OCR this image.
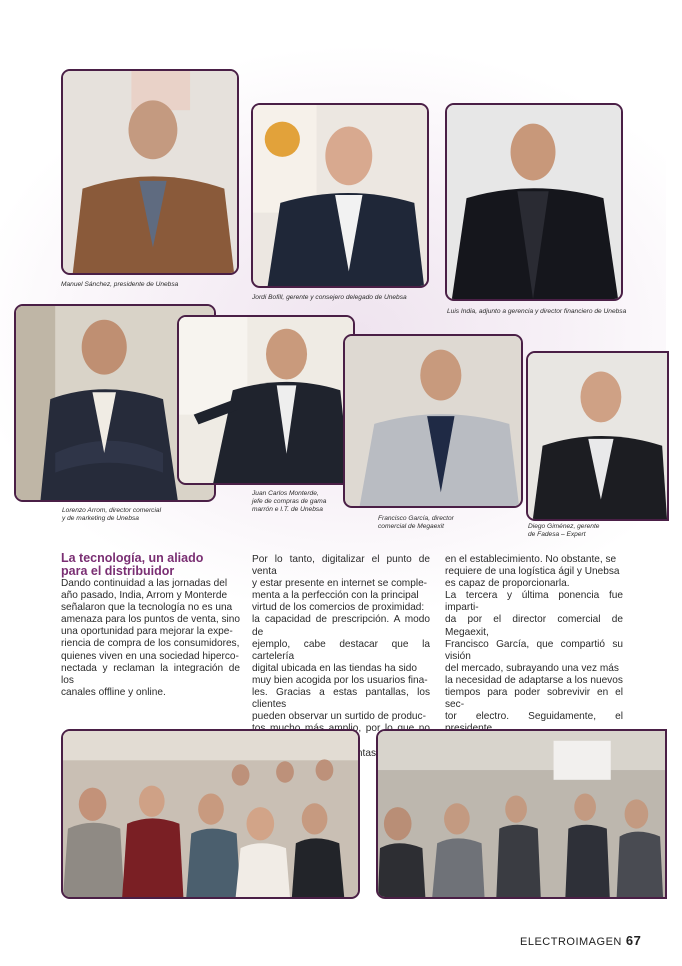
Manuel Sánchez, presidente de Unebsa
Jordi Bofill, gerente y consejero delegado de Unebsa
Luis India, adjunto a gerencia y director financiero de Unebsa
Lorenzo Arrom, director comercial
y de marketing de Unebsa
Juan Carlos Monterde,
jefe de compras de gama
marrón e I.T. de Unebsa
Francisco García, director
comercial de Megaexit	Diego Giménez, gerente
de Fadesa – Expert
La tecnología, un aliado
para el distribuidor

Dando continuidad a las jornadas del

año pasado, India, Arrom y Monterde

señalaron que la tecnología no es una

amenaza para los puntos de venta, sino

una oportunidad para mejorar la expe-

riencia de compra de los consumidores,

quienes viven en una sociedad hipercо-

nectada y reclaman la integración de los

canales offline y online.

Por lo tanto, digitalizar el punto de venta

y estar presente en internet se comple-

menta a la perfección con la principal

virtud de los comercios de proximidad:

la capacidad de prescripción. A modo de

ejemplo, cabe destacar que la cartelería

digital ubicada en las tiendas ha sido

muy bien acogida por los usuarios fina-

les. Gracias a estas pantallas, los clientes

pueden observar un surtido de produc-

por

tantas

en el establecimiento. No obstante, se

requiere de una logística ágil y Unebsa

es capaz de proporcionarla.

La tercera y última ponencia fue imparti-

da por el director comercial de Megaexit,

Francisco García, que compartió su visión

del mercado, subrayando una vez más

la necesidad de adaptarse a los nuevos

tiempos para poder sobrevivir en el sec-

tor electro. Seguidamente, el

ELECTROIMAGEN 67
